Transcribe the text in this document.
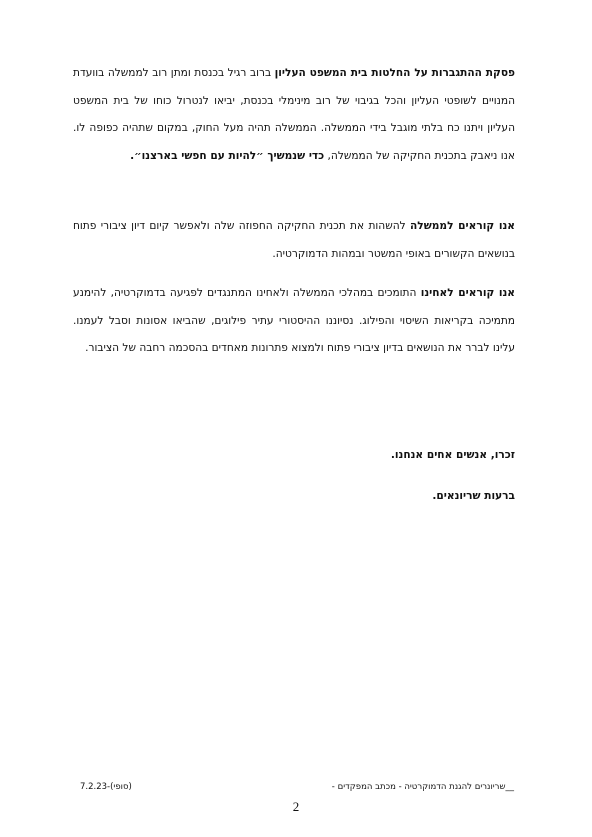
פסקת ההתגברות על החלטות בית המשפט העליון ברוב רגיל בכנסת ומתן רוב לממשלה בוועדת המנויים לשופטי העליון והכל בגיבוי של רוב מינימלי בכנסת, יביאו לנטרול כוחו של בית המשפט העליון ויתנו כח בלתי מוגבל בידי הממשלה. הממשלה תהיה מעל החוק, במקום שתהיה כפופה לו. אנו ניאבק בתכנית החקיקה של הממשלה, כדי שנמשיך ״להיות עם חפשי בארצנו״.

אנו קוראים לממשלה להשהות את תכנית החקיקה החפוזה שלה ולאפשר קיום דיון ציבורי פתוח בנושאים הקשורים באופי המשטר ובמהות הדמוקרטיה.

אנו קוראים לאחינו התומכים במהלכי הממשלה ולאחינו המתנגדים לפגיעה בדמוקרטיה, להימנע מתמיכה בקריאות השיסוי והפילוג. נסיוננו ההיסטורי עתיר פילוגים, שהביאו אסונות וסבל לעמנו. עלינו לברר את הנושאים בדיון ציבורי פתוח ולמצוא פתרונות מאחדים בהסכמה רחבה של הציבור.

זכרו, אנשים אחים אנחנו.

ברעות שריונאים.

__שריונרים להגנת הדמוקרטיה - מכתב המפקדים -
7.2.23-(סופי)
2
